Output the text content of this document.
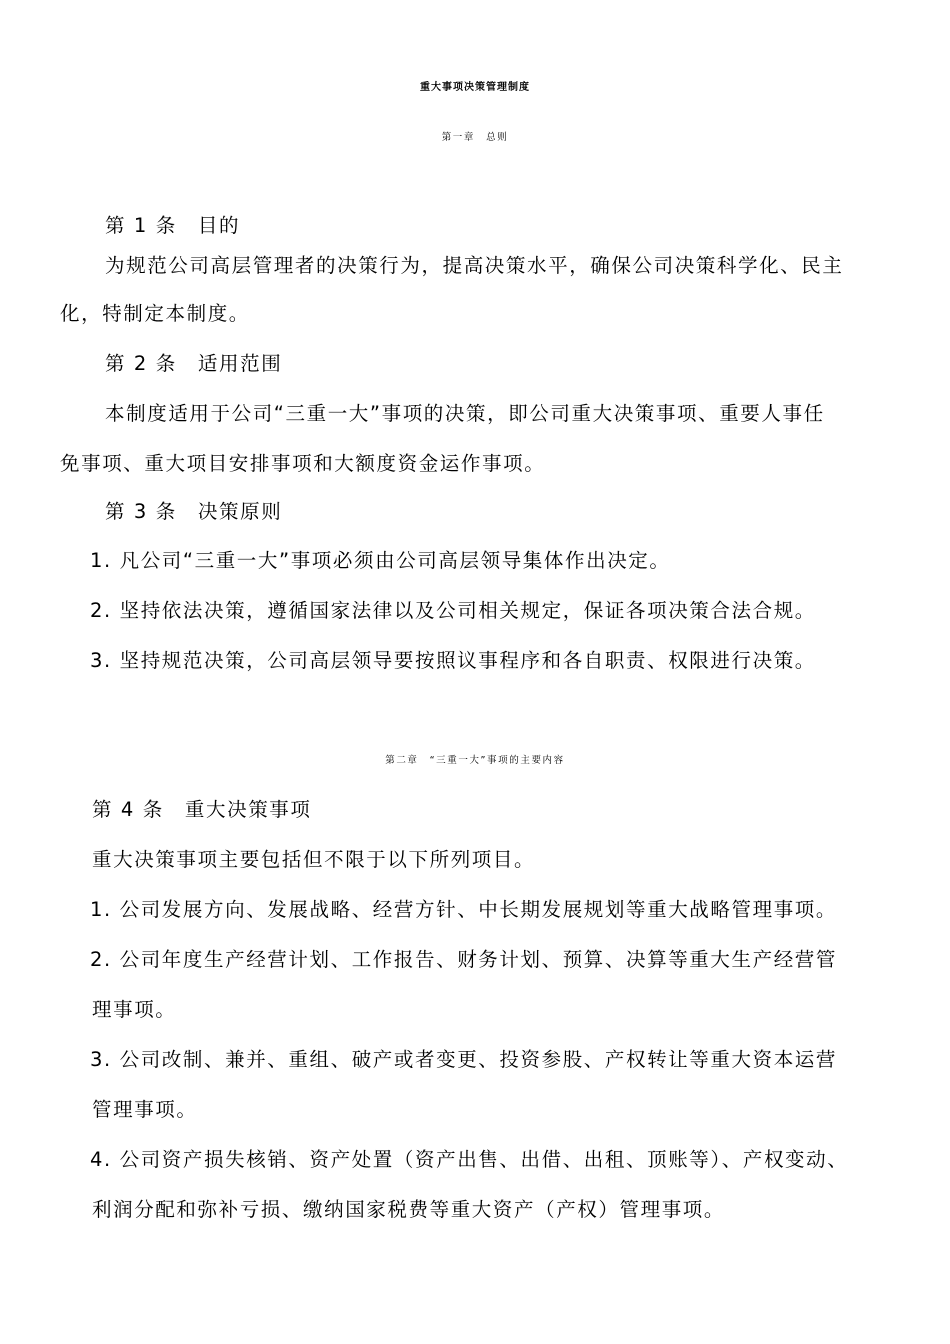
重大事项决策管理制度
第一章　总则
第 1 条　目的
为规范公司高层管理者的决策行为，提高决策水平，确保公司决策科学化、民主
化，特制定本制度。
第 2 条　适用范围
本制度适用于公司“三重一大”事项的决策，即公司重大决策事项、重要人事任
免事项、重大项目安排事项和大额度资金运作事项。
第 3 条　决策原则
1. 凡公司“三重一大”事项必须由公司高层领导集体作出决定。
2. 坚持依法决策，遵循国家法律以及公司相关规定，保证各项决策合法合规。
3. 坚持规范决策，公司高层领导要按照议事程序和各自职责、权限进行决策。
第二章　“三重一大”事项的主要内容
第 4 条　重大决策事项
重大决策事项主要包括但不限于以下所列项目。
1. 公司发展方向、发展战略、经营方针、中长期发展规划等重大战略管理事项。
2. 公司年度生产经营计划、工作报告、财务计划、预算、决算等重大生产经营管
理事项。
3. 公司改制、兼并、重组、破产或者变更、投资参股、产权转让等重大资本运营
管理事项。
4. 公司资产损失核销、资产处置（资产出售、出借、出租、顶账等）、产权变动、
利润分配和弥补亏损、缴纳国家税费等重大资产（产权）管理事项。
